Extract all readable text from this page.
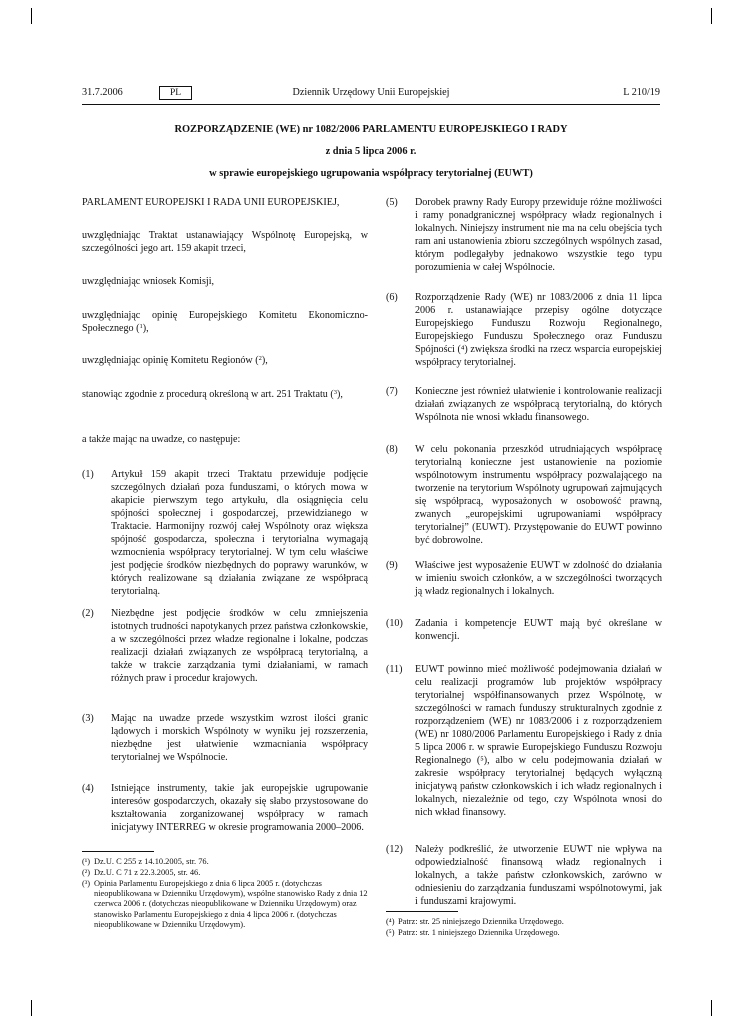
31.7.2006	PL	Dziennik Urzędowy Unii Europejskiej	L 210/19
ROZPORZĄDZENIE (WE) nr 1082/2006 PARLAMENTU EUROPEJSKIEGO I RADY
z dnia 5 lipca 2006 r.
w sprawie europejskiego ugrupowania współpracy terytorialnej (EUWT)
PARLAMENT EUROPEJSKI I RADA UNII EUROPEJSKIEJ,
uwzględniając Traktat ustanawiający Wspólnotę Europejską, w szczególności jego art. 159 akapit trzeci,
uwzględniając wniosek Komisji,
uwzględniając opinię Europejskiego Komitetu Ekonomiczno-Społecznego ($^1$),
uwzględniając opinię Komitetu Regionów ($^2$),
stanowiąc zgodnie z procedurą określoną w art. 251 Traktatu ($^3$),
a także mając na uwadze, co następuje:
(1) Artykuł 159 akapit trzeci Traktatu przewiduje podjęcie szczególnych działań poza funduszami, o których mowa w akapicie pierwszym tego artykułu, dla osiągnięcia celu spójności społecznej i gospodarczej, przewidzianego w Traktacie. Harmonijny rozwój całej Wspólnoty oraz większa spójność gospodarcza, społeczna i terytorialna wymagają wzmocnienia współpracy terytorialnej. W tym celu właściwe jest podjęcie środków niezbędnych do poprawy warunków, w których realizowane są działania związane ze współpracą terytorialną.
(2) Niezbędne jest podjęcie środków w celu zmniejszenia istotnych trudności napotykanych przez państwa członkowskie, a w szczególności przez władze regionalne i lokalne, podczas realizacji działań związanych ze współpracą terytorialną, a także w trakcie zarządzania tymi działaniami, w ramach różnych praw i procedur krajowych.
(3) Mając na uwadze przede wszystkim wzrost ilości granic lądowych i morskich Wspólnoty w wyniku jej rozszerzenia, niezbędne jest ułatwienie wzmacniania współpracy terytorialnej we Wspólnocie.
(4) Istniejące instrumenty, takie jak europejskie ugrupowanie interesów gospodarczych, okazały się słabo przystosowane do kształtowania zorganizowanej współpracy w ramach inicjatywy INTERREG w okresie programowania 2000–2006.
(¹) Dz.U. C 255 z 14.10.2005, str. 76.
(²) Dz.U. C 71 z 22.3.2005, str. 46.
(³) Opinia Parlamentu Europejskiego z dnia 6 lipca 2005 r. (dotychczas nieopublikowana w Dzienniku Urzędowym), wspólne stanowisko Rady z dnia 12 czerwca 2006 r. (dotychczas nieopublikowane w Dzienniku Urzędowym) oraz stanowisko Parlamentu Europejskiego z dnia 4 lipca 2006 r. (dotychczas nieopublikowane w Dzienniku Urzędowym).
(5) Dorobek prawny Rady Europy przewiduje różne możliwości i ramy ponadgranicznej współpracy władz regionalnych i lokalnych. Niniejszy instrument nie ma na celu obejścia tych ram ani ustanowienia zbioru szczególnych wspólnych zasad, którym podlegałyby jednakowo wszystkie tego typu porozumienia w całej Wspólnocie.
(6) Rozporządzenie Rady (WE) nr 1083/2006 z dnia 11 lipca 2006 r. ustanawiające przepisy ogólne dotyczące Europejskiego Funduszu Rozwoju Regionalnego, Europejskiego Funduszu Społecznego oraz Funduszu Spójności (⁴) zwiększa środki na rzecz wsparcia europejskiej współpracy terytorialnej.
(7) Konieczne jest również ułatwienie i kontrolowanie realizacji działań związanych ze współpracą terytorialną, do których Wspólnota nie wnosi wkładu finansowego.
(8) W celu pokonania przeszkód utrudniających współpracę terytorialną konieczne jest ustanowienie na poziomie wspólnotowym instrumentu współpracy pozwalającego na tworzenie na terytorium Wspólnoty ugrupowań zajmujących się współpracą, wyposażonych w osobowość prawną, zwanych „europejskimi ugrupowaniami współpracy terytorialnej” (EUWT). Przystępowanie do EUWT powinno być dobrowolne.
(9) Właściwe jest wyposażenie EUWT w zdolność do działania w imieniu swoich członków, a w szczególności tworzących ją władz regionalnych i lokalnych.
(10) Zadania i kompetencje EUWT mają być określane w konwencji.
(11) EUWT powinno mieć możliwość podejmowania działań w celu realizacji programów lub projektów współpracy terytorialnej współfinansowanych przez Wspólnotę, w szczególności w ramach funduszy strukturalnych zgodnie z rozporządzeniem (WE) nr 1083/2006 i z rozporządzeniem (WE) nr 1080/2006 Parlamentu Europejskiego i Rady z dnia 5 lipca 2006 r. w sprawie Europejskiego Funduszu Rozwoju Regionalnego (⁵), albo w celu podejmowania działań w zakresie współpracy terytorialnej będących wyłączną inicjatywą państw członkowskich i ich władz regionalnych i lokalnych, niezależnie od tego, czy Wspólnota wnosi do nich wkład finansowy.
(12) Należy podkreślić, że utworzenie EUWT nie wpływa na odpowiedzialność finansową władz regionalnych i lokalnych, a także państw członkowskich, zarówno w odniesieniu do zarządzania funduszami wspólnotowymi, jak i funduszami krajowymi.
(⁴) Patrz: str. 25 niniejszego Dziennika Urzędowego.
(⁵) Patrz: str. 1 niniejszego Dziennika Urzędowego.
